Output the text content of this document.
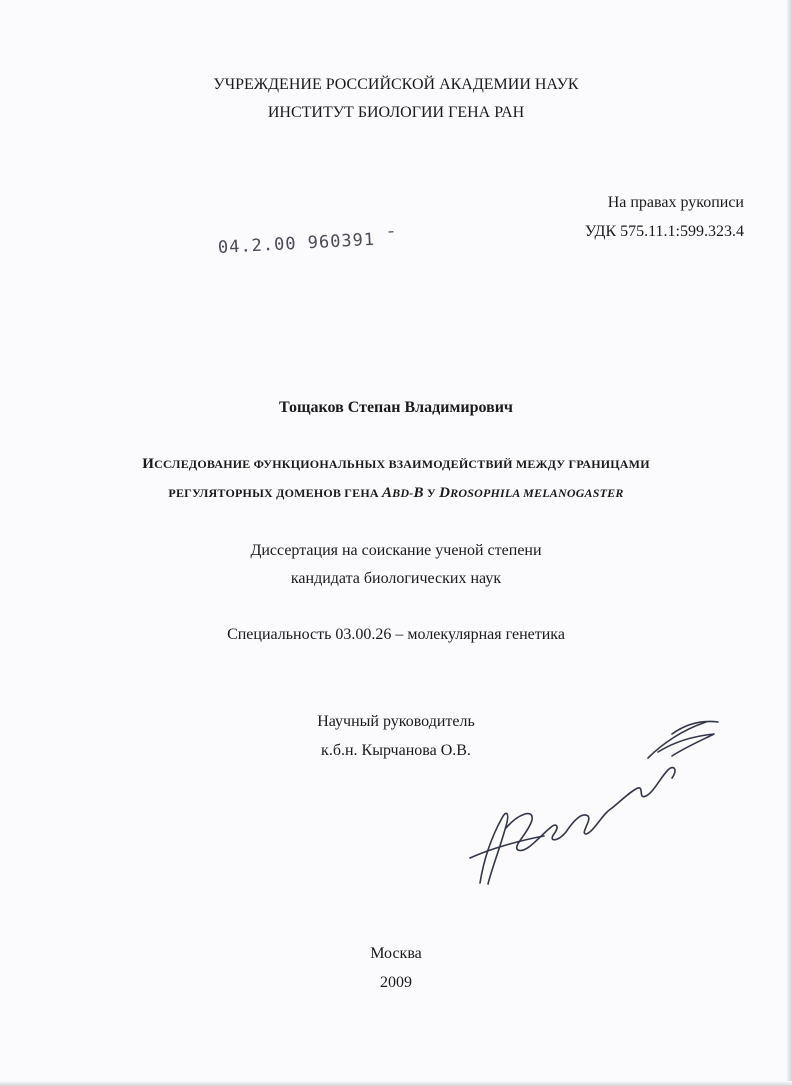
УЧРЕЖДЕНИЕ РОССИЙСКОЙ АКАДЕМИИ НАУК
ИНСТИТУТ БИОЛОГИИ ГЕНА РАН
На правах рукописи
УДК 575.11.1:599.323.4
04.2.00 960391 ˉ
Тощаков Степан Владимирович
ИССЛЕДОВАНИЕ ФУНКЦИОНАЛЬНЫХ ВЗАИМОДЕЙСТВИЙ МЕЖДУ ГРАНИЦАМИ
РЕГУЛЯТОРНЫХ ДОМЕНОВ ГЕНА ABD-B У DROSOPHILA MELANOGASTER
Диссертация на соискание ученой степени
кандидата биологических наук
Специальность 03.00.26 – молекулярная генетика
Научный руководитель
к.б.н. Кырчанова О.В.
Москва
2009
